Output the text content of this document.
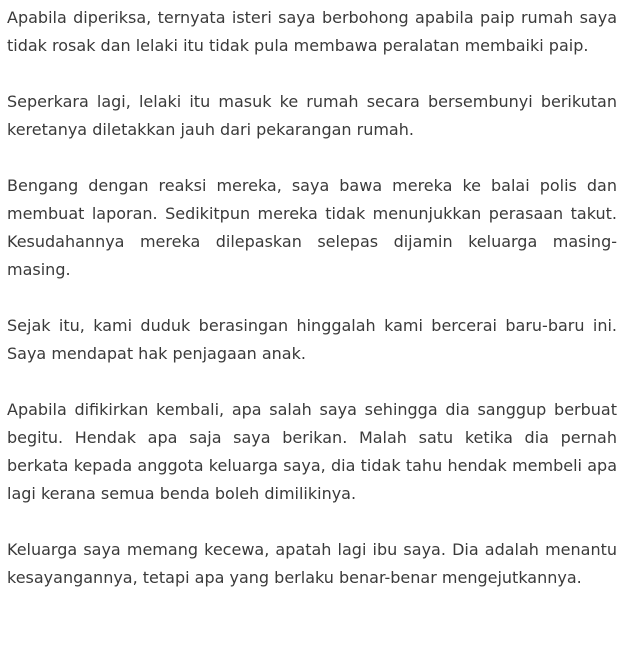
Apabila diperiksa, ternyata isteri saya berbohong apabila paip rumah saya tidak rosak dan lelaki itu tidak pula membawa peralatan membaiki paip.

Seperkara lagi, lelaki itu masuk ke rumah secara bersembunyi berikutan keretanya diletakkan jauh dari pekarangan rumah.

Bengang dengan reaksi mereka, saya bawa mereka ke balai polis dan membuat laporan. Sedikitpun mereka tidak menunjukkan perasaan takut. Kesudahannya mereka dilepaskan selepas dijamin keluarga masing-masing.

Sejak itu, kami duduk berasingan hinggalah kami bercerai baru-baru ini. Saya mendapat hak penjagaan anak.

Apabila difikirkan kembali, apa salah saya sehingga dia sanggup berbuat begitu. Hendak apa saja saya berikan. Malah satu ketika dia pernah berkata kepada anggota keluarga saya, dia tidak tahu hendak membeli apa lagi kerana semua benda boleh dimilikinya.

Keluarga saya memang kecewa, apatah lagi ibu saya. Dia adalah menantu kesayangannya, tetapi apa yang berlaku benar-benar mengejutkannya.
